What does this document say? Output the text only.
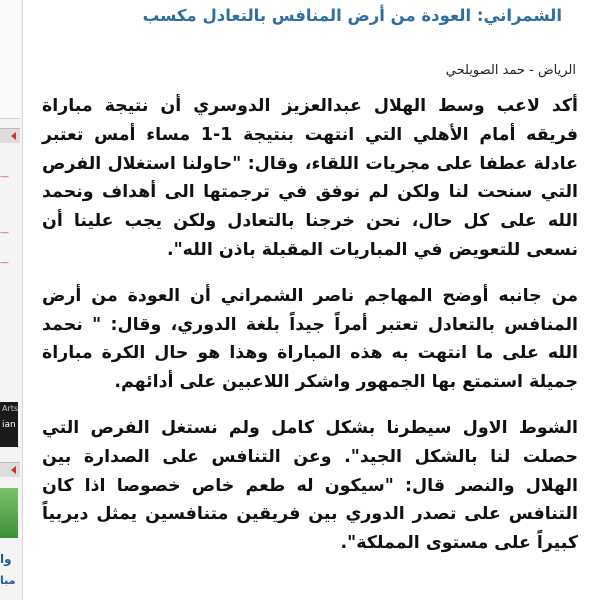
—
—
—
Arts
ian
وا
مبا
الشمراني: العودة من أرض المنافس بالتعادل مكسب
الرياض - حمد الصويلحي

أكد لاعب وسط الهلال عبدالعزيز الدوسري أن نتيجة مباراة فريقه أمام الأهلي التي انتهت بنتيجة 1-1 مساء أمس تعتبر عادلة عطفا على مجريات اللقاء، وقال: "حاولنا استغلال الفرص التي سنحت لنا ولكن لم نوفق في ترجمتها الى أهداف ونحمد الله على كل حال، نحن خرجنا بالتعادل ولكن يجب علينا أن نسعى للتعويض في المباريات المقبلة باذن الله".

من جانبه أوضح المهاجم ناصر الشمراني أن العودة من أرض المنافس بالتعادل تعتبر أمراً جيداً بلغة الدوري، وقال: " نحمد الله على ما انتهت به هذه المباراة وهذا هو حال الكرة مباراة جميلة استمتع بها الجمهور واشكر اللاعبين على أدائهم.

الشوط الاول سيطرنا بشكل كامل ولم نستغل الفرص التي حصلت لنا بالشكل الجيد". وعن التنافس على الصدارة بين الهلال والنصر قال: "سيكون له طعم خاص خصوصا اذا كان التنافس على تصدر الدوري بين فريقين متنافسين يمثل ديربياً كبيراً على مستوى المملكة".
